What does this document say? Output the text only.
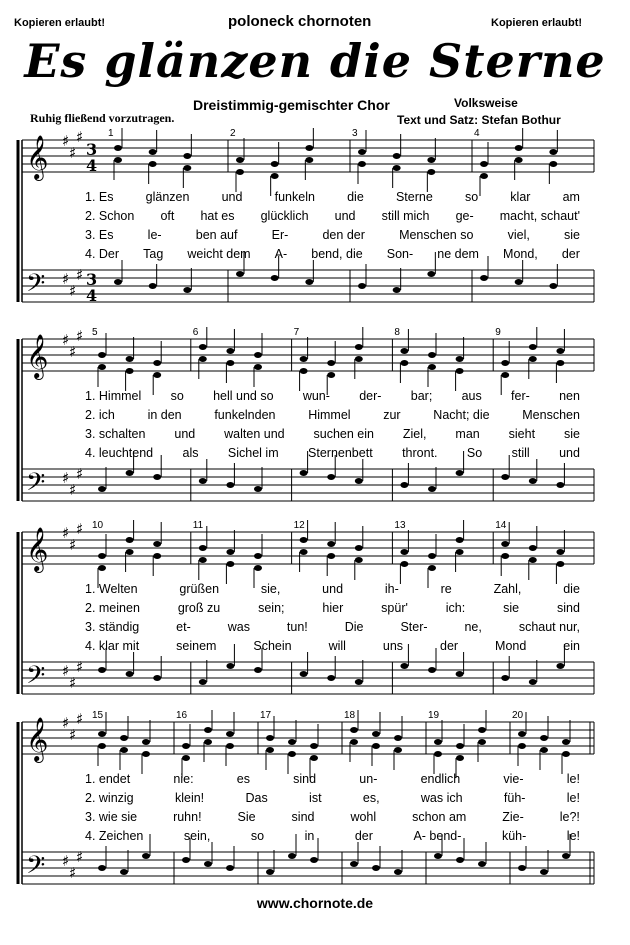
Kopieren erlaubt!	poloneck chornoten	Kopieren erlaubt!
Es glänzen die Sterne
Dreistimmig-gemischter Chor	Volksweise
Text und Satz: Stefan Bothur
Ruhig fließend vorzutragen.
𝄞
𝄢
♯
♯
♯
♯
♯
♯
3
4
3
4
1	2	3	4
1. Es	glänzen	und	funkeln	die	Sterne	so	klar	am
2. Schon oft hat es glücklich und still mich ge- macht, schaut'
3. Es	le-	ben auf	Er-	den der	Menschen so	viel,	sie
4. Der Tag weicht dem A- bend, die Son- ne dem Mond, der
𝄞
𝄢
♯
♯
♯
♯
♯
♯
5	6	7	8	9
1. Himmel so hell und so wun- der- bar; aus fer- nen
2. ich	in den	funkelnden	Himmel	zur	Nacht; die	Menschen
3. schalten und walten und suchen ein Ziel, man sieht sie
4. leuchtend als Sichel im Sternenbett thront. So still und
𝄞
𝄢
♯
♯
♯
♯
♯
♯
10	11	12	13	14
1. Welten	grüßen	sie,	und	ih-	re	Zahl,	die
2. meinen	groß zu	sein;	hier	spür'	ich:	sie	sind
3. ständig	et-	was	tun!	Die	Ster-	ne,	schaut nur,
4. klar mit	seinem	Schein	will	uns	der	Mond	ein
𝄞
𝄢
♯
♯
♯
♯
♯
♯
15	16	17	18	19	20
1. endet	nie:	es	sind	un-	endlich	vie-	le!
2. winzig	klein!	Das	ist	es,	was ich	füh-	le!
3. wie sie	ruhn!	Sie	sind	wohl	schon am	Zie-	le?!
4. Zeichen	sein,	so	in	der	A- bend-	küh-	le!
www.chornote.de
